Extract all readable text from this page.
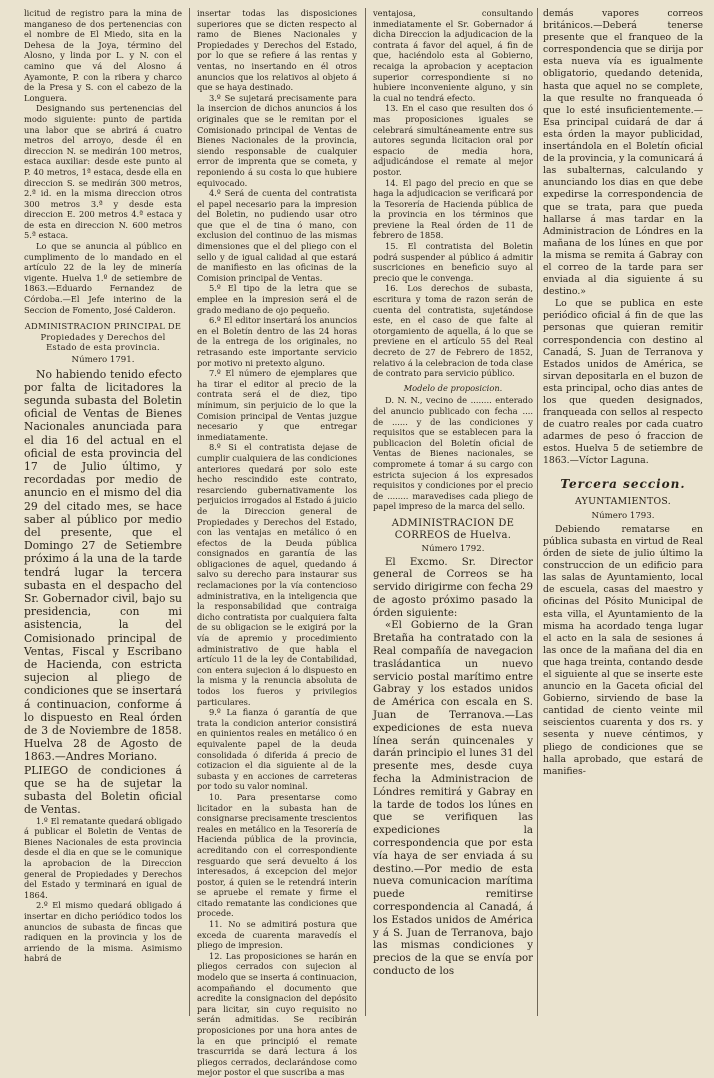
licitud de registro para la mina de manganeso de dos pertenencias con el nombre de El Miedo, sita en la Dehesa de la Joya, término del Alosno, y linda por L. y N. con el camino que vá del Alosno á Ayamonte, P. con la ribera y charco de la Presa y S. con el cabezo de la Longuera.

Designando sus pertenencias del modo siguiente: punto de partida una labor que se abrirá á cuatro metros del arroyo, desde él en direccion N. se medirán 100 metros, estaca auxiliar: desde este punto al P. 40 metros, 1ª estaca, desde ella en direccion S. se medirán 300 metros, 2.ª id. en la misma direccion otros 300 metros 3.ª y desde esta direccion E. 200 metros 4.ª estaca y de esta en direccion N. 600 metros 5.ª estaca.

Lo que se anuncia al público en cumplimento de lo mandado en el artículo 22 de la ley de minería vigente. Huelva 1.º de setiembre de 1863.—Eduardo Fernandez de Córdoba.—El Jefe interino de la Seccion de Fomento, José Calderon.

ADMINISTRACION PRINCIPAL DE Propiedades y Derechos del Estado de esta provincia.
Número 1791.

No habiendo tenido efecto por falta de licitadores la segunda subasta del Boletin oficial de Ventas de Bienes Nacionales anunciada para el dia 16 del actual en el oficial de esta provincia del 17 de Julio último, y recordadas por medio de anuncio en el mismo del dia 29 del citado mes, se hace saber al público por medio del presente, que el Domingo 27 de Setiembre próximo á la una de la tarde tendrá lugar la tercera subasta en el despacho del Sr. Gobernador civil, bajo su presidencia, con mi asistencia, la del Comisionado principal de Ventas, Fiscal y Escribano de Hacienda, con estricta sujecion al pliego de condiciones que se insertará á continuacion, conforme á lo dispuesto en Real órden de 3 de Noviembre de 1858. Huelva 28 de Agosto de 1863.—Andres Moriano.

PLIEGO de condiciones á que se ha de sujetar la subasta del Boletin oficial de Ventas.

1.º El rematante quedará obligado á publicar el Boletin de Ventas de Bienes Nacionales de esta provincia desde el dia en que se le comunique la aprobacion de la Direccion general de Propiedades y Derechos del Estado y terminará en igual de 1864.

2.º El mismo quedará obligado á insertar en dicho periódico todos los anuncios de subasta de fincas que radiquen en la provincia y los de arriendo de la misma. Asimismo habrá de

insertar todas las disposiciones superiores que se dicten respecto al ramo de Bienes Nacionales y Propiedades y Derechos del Estado, por lo que se refiere á las rentas y ventas, no insertando en él otros anuncios que los relativos al objeto á que se haya destinado.

3.º Se sujetará precisamente para la insercion de dichos anuncios á los originales que se le remitan por el Comisionado principal de Ventas de Bienes Nacionales de la provincia, siendo responsable de cualquier error de imprenta que se cometa, y reponiendo á su costa lo que hubiere equivocado.

4.º Será de cuenta del contratista el papel necesario para la impresion del Boletin, no pudiendo usar otro que que el de tina ó mano, con exclusion del continuo de las mismas dimensiones que el del pliego con el sello y de igual calidad al que estará de manifiesto en las oficinas de la Comision principal de Ventas.

5.º El tipo de la letra que se emplee en la impresion será el de grado mediano de ojo pequeño.

6.º El editor insertará los anuncios en el Boletín dentro de las 24 horas de la entrega de los originales, no retrasando este importante servicio por motivo ni pretexto alguno.

7.º El número de ejemplares que ha tirar el editor al precio de la contrata será el de diez, tipo mínimum, sin perjuicio de lo que la Comision principal de Ventas juzgue necesario y que entregar inmediatamente.

8.º Si el contratista dejase de cumplir cualquiera de las condiciones anteriores quedará por solo este hecho rescindido este contrato, resarciendo gubernativamente los perjuicios irrogados al Estado á juicio de la Direccion general de Propiedades y Derechos del Estado, con las ventajas en metálico ó en efectos de la Deuda pública consignados en garantía de las obligaciones de aquel, quedando á salvo su derecho para instaurar sus reclamaciones por la vía contencioso administrativa, en la inteligencia que la responsabilidad que contraiga dicho contratista por cualquiera falta de su obligacion se le exigirá por la vía de apremio y procedimiento administrativo de que habla el artículo 11 de la ley de Contabilidad, con entera sujecion á lo dispuesto en la misma y la renuncia absoluta de todos los fueros y privilegios particulares.

9.º La fianza ó garantía de que trata la condicion anterior consistirá en quinientos reales en metálico ó en equivalente papel de la deuda consolidada ó diferida á precio de cotizacion el dia siguiente al de la subasta y en acciones de carreteras por todo su valor nominal.

10. Para presentarse como licitador en la subasta han de consignarse precisamente trescientos reales en metálico en la Tesorería de Hacienda pública de la provincia, acreditando con el correspondiente resguardo que será devuelto á los interesados, á excepcion del mejor postor, á quien se le retendrá interin se apruebe el remate y firme el citado rematante las condiciones que procede.

11. No se admitirá postura que exceda de cuarenta maravedís el pliego de impresion.

12. Las proposiciones se harán en pliegos cerrados con sujecion al modelo que se inserta á continuacion, acompañando el documento que acredite la consignacion del depósito para licitar, sin cuyo requisito no serán admitidas. Se recibirán proposiciones por una hora antes de la en que principió el remate trascurrida se dará lectura á los pliegos cerrados, declarándose como mejor postor el que suscriba a mas

ventajosa, consultando inmediatamente el Sr. Gobernador á dicha Direccion la adjudicacion de la contrata á favor del aquel, á fin de que, haciéndolo esta al Gobierno, recaiga la aprobacion y aceptacion superior correspondiente si no hubiere inconveniente alguno, y sin la cual no tendrá efecto.

13. En el caso que resulten dos ó mas proposiciones iguales se celebrará simultáneamente entre sus autores segunda licitacion oral por espacio de media hora, adjudicándose el remate al mejor postor.

14. El pago del precio en que se haga la adjudicacion se verificará por la Tesorería de Hacienda pública de la provincia en los términos que previene la Real órden de 11 de febrero de 1858.

15. El contratista del Boletin podrá suspender al público á admitir suscriciones en beneficio suyo al precio que le convenga.

16. Los derechos de subasta, escritura y toma de razon serán de cuenta del contratista, sujetándose este, en el caso de que falte al otorgamiento de aquella, á lo que se previene en el artículo 55 del Real decreto de 27 de Febrero de 1852, relativo á la celebracion de toda clase de contrato para servicio público.

Modelo de proposicion.

D. N. N., vecino de ........ enterado del anuncio publicado con fecha .... de ...... y de las condiciones y requisitos que se establecen para la publicacion del Boletín oficial de Ventas de Bienes nacionales, se compromete á tomar á su cargo con estricta sujecion á los expresados requisitos y condiciones por el precio de ........ maravedises cada pliego de papel impreso de la marca del sello.

ADMINISTRACION DE CORREOS de Huelva.
Número 1792.

El Excmo. Sr. Director general de Correos se ha servido dirigirme con fecha 29 de agosto próximo pasado la órden siguiente:

«El Gobierno de la Gran Bretaña ha contratado con la Real compañía de navegacion trasládantica un nuevo servicio postal marítimo entre Gabray y los estados unidos de América con escala en S. Juan de Terranova.—Las expediciones de esta nueva línea serán quincenales y darán principio el lunes 31 del presente mes, desde cuya fecha la Administracion de Lóndres remitirá y Gabray en la tarde de todos los lúnes en que se verifiquen las expediciones la correspondencia que por esta vía haya de ser enviada á su destino.—Por medio de esta nueva comunicacion marítima puede remitirse correspondencia al Canadá, á los Estados unidos de América y á S. Juan de Terranova, bajo las mismas condiciones y precios de la que se envía por conducto de los

demás vapores correos británicos.—Deberá tenerse presente que el franqueo de la correspondencia que se dirija por esta nueva vía es igualmente obligatorio, quedando detenida, hasta que aquel no se complete, la que resulte no franqueada ó que lo esté insuficientemente.—Esa principal cuidará de dar á esta órden la mayor publicidad, insertándola en el Boletín oficial de la provincia, y la comunicará á las subalternas, calculando y anunciando los dias en que debe expedirse la correspondencia de que se trata, para que pueda hallarse á mas tardar en la Administracion de Lóndres en la mañana de los lúnes en que por la misma se remita á Gabray con el correo de la tarde para ser enviada al dia siguiente á su destino.»

Lo que se publica en este periódico oficial á fin de que las personas que quieran remitir correspondencia con destino al Canadá, S. Juan de Terranova y Estados unidos de América, se sirvan depositarla en el buzon de esta principal, ocho dias antes de los que queden designados, franqueada con sellos al respecto de cuatro reales por cada cuatro adarmes de peso ó fraccion de estos. Huelva 5 de setiembre de 1863.—Víctor Laguna.

Tercera seccion.
AYUNTAMIENTOS.
Número 1793.

Debiendo rematarse en pública subasta en virtud de Real órden de siete de julio último la construccion de un edificio para las salas de Ayuntamiento, local de escuela, casas del maestro y oficinas del Pósito Municipal de esta villa, el Ayuntamiento de la misma ha acordado tenga lugar el acto en la sala de sesiones á las once de la mañana del dia en que haga treinta, contando desde el siguiente al que se inserte este anuncio en la Gaceta oficial del Gobierno, sirviendo de base la cantidad de ciento veinte mil seiscientos cuarenta y dos rs. y sesenta y nueve céntimos, y pliego de condiciones que se halla aprobado, que estará de manifies-
